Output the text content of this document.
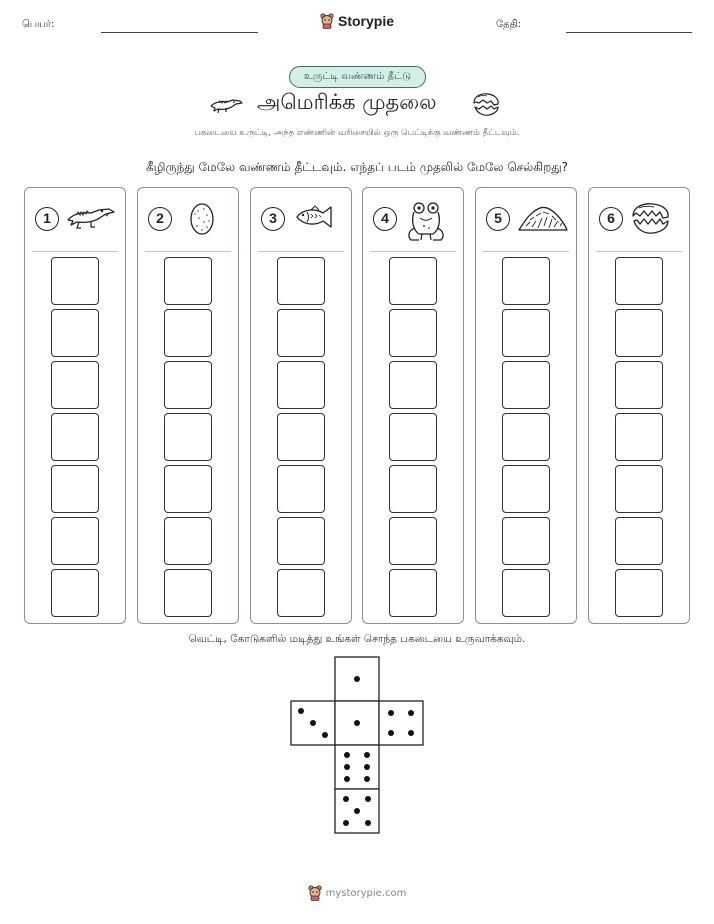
பெயர்:	தேதி:
Storypie
உருட்டி வண்ணம் தீட்டு
அமெரிக்க முதலை
பகடையை உருட்டி, அந்த எண்ணின் வரிசையில் ஒரு பெட்டிக்கு வண்ணம் தீட்டவும்.
கீழிருந்து மேலே வண்ணம் தீட்டவும். எந்தப் படம் முதலில் மேலே செல்கிறது?
1	2	3	4	5	6
வெட்டி, கோடுகளில் மடித்து உங்கள் சொந்த பகடையை உருவாக்கவும்.
mystorypie.com
